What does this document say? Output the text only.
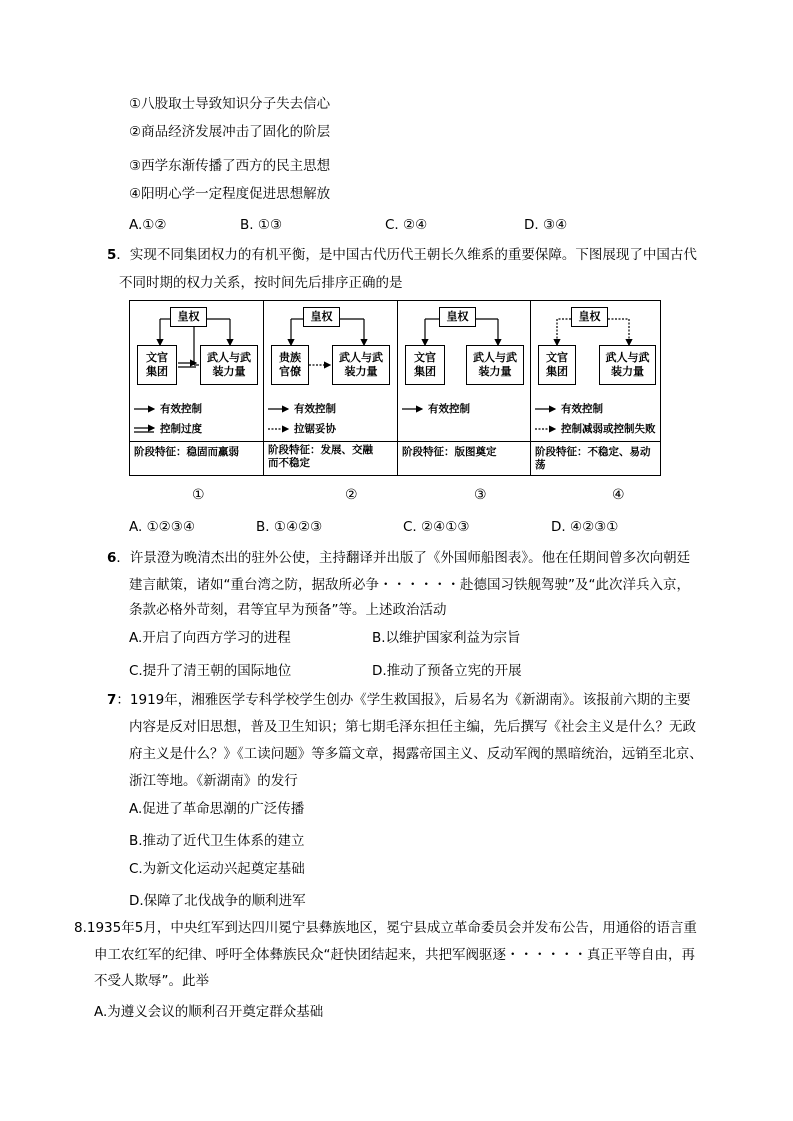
①八股取士导致知识分子失去信心
②商品经济发展冲击了固化的阶层
③西学东渐传播了西方的民主思想
④阳明心学一定程度促进思想解放
A.①②	B. ①③	C. ②④	D. ③④
5．实现不同集团权力的有机平衡，是中国古代历代王朝长久维系的重要保障。下图展现了中国古代
不同时期的权力关系，按时间先后排序正确的是
皇权
文官
集团
武人与武
装力量
有效控制
控制过度
阶段特征：稳固而羸弱
皇权
贵族
官僚
武人与武
装力量
有效控制
拉锯妥协
阶段特征：发展、交融
而不稳定
皇权
文官
集团
武人与武
装力量
有效控制
阶段特征：版图奠定
皇权
文官
集团
武人与武
装力量
有效控制
控制减弱或控制失败
阶段特征：不稳定、易动荡
①	②	③	④
A. ①②③④	B. ①④②③	C. ②④①③	D. ④②③①
6．许景澄为晚清杰出的驻外公使，主持翻译并出版了《外国师船图表》。他在任期间曾多次向朝廷
建言献策，诸如“重台湾之防，据敌所必争・・・・・・赴德国习铁舰驾驶”及“此次洋兵入京，
条款必格外苛刻，君等宜早为预备”等。上述政治活动
A.开启了向西方学习的进程	B.以维护国家利益为宗旨
C.提升了清王朝的国际地位	D.推动了预备立宪的开展
7：1919年，湘雅医学专科学校学生创办《学生救国报》，后易名为《新湖南》。该报前六期的主要
内容是反对旧思想，普及卫生知识；第七期毛泽东担任主编，先后撰写《社会主义是什么？无政
府主义是什么？》《工读问题》等多篇文章，揭露帝国主义、反动军阀的黑暗统治，远销至北京、
浙江等地。《新湖南》的发行
A.促进了革命思潮的广泛传播
B.推动了近代卫生体系的建立
C.为新文化运动兴起奠定基础
D.保障了北伐战争的顺利进军
8.1935年5月，中央红军到达四川冕宁县彝族地区，冕宁县成立革命委员会并发布公告，用通俗的语言重
申工农红军的纪律、呼吁全体彝族民众“赶快团结起来，共把军阀驱逐・・・・・・真正平等自由，再
不受人欺辱”。此举
A.为遵义会议的顺利召开奠定群众基础
